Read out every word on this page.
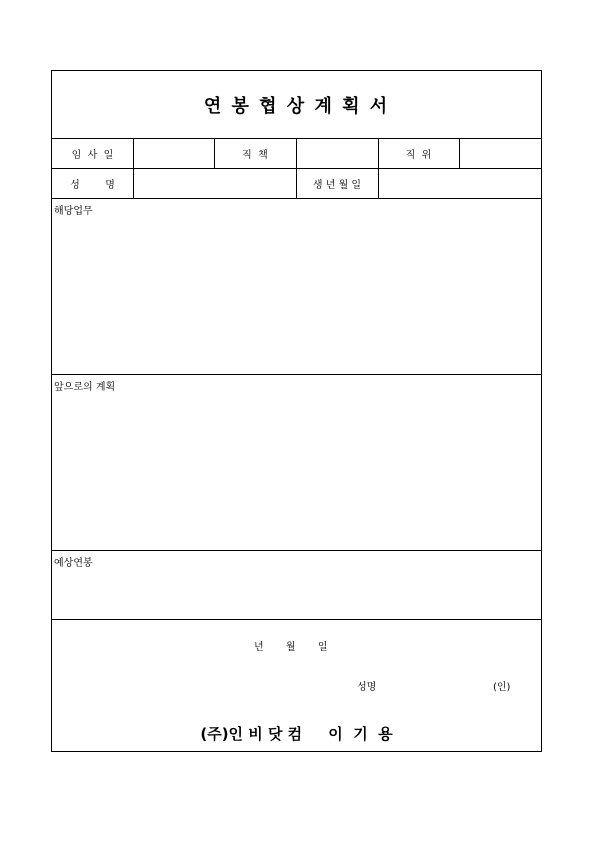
연 봉 협 상 계 획 서
임  사  일	직  책	직  위
성        명	생 년 월 일
해당업무
앞으로의 계획
예상연봉
년       월       일
성명	(인)
(주)인 비 닷 컴     이  기  용
